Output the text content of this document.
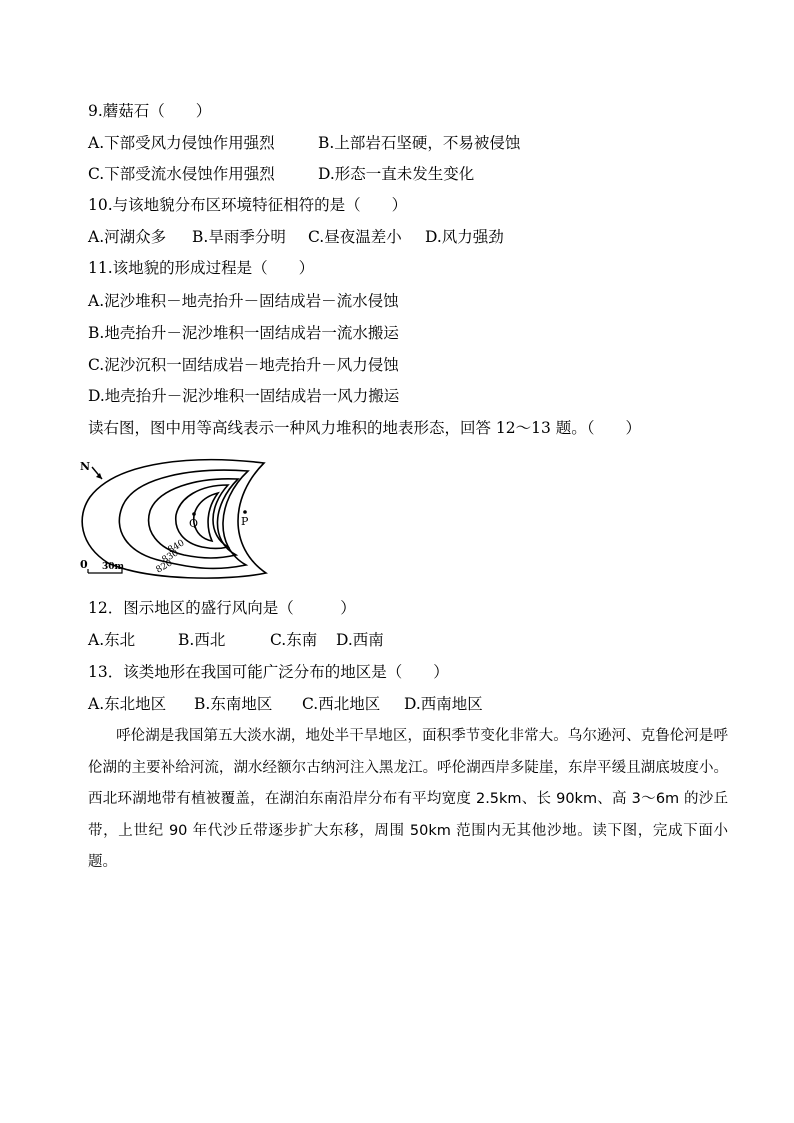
9.蘑菇石（　　）
A.下部受风力侵蚀作用强烈	B.上部岩石坚硬，不易被侵蚀
C.下部受流水侵蚀作用强烈	D.形态一直未发生变化
10.与该地貌分布区环境特征相符的是（　　）
A.河湖众多 B.旱雨季分明 C.昼夜温差小 D.风力强劲
11.该地貌的形成过程是（　　）
A.泥沙堆积－地壳抬升－固结成岩－流水侵蚀
B.地壳抬升－泥沙堆积一固结成岩一流水搬运
C.泥沙沉积一固结成岩－地壳抬升－风力侵蚀
D.地壳抬升－泥沙堆积一固结成岩一风力搬运
读右图，图中用等高线表示一种风力堆积的地表形态，回答 12～13 题。（　　）
N
Q	P
840
830
820
0 30m
12．图示地区的盛行风向是（　　　）
A.东北	B.西北	C.东南 D.西南
13．该类地形在我国可能广泛分布的地区是（　　）
A.东北地区 B.东南地区 C.西北地区 D.西南地区
呼伦湖是我国第五大淡水湖，地处半干旱地区，面积季节变化非常大。乌尔逊河、克鲁伦河是呼伦湖的主要补给河流，湖水经额尔古纳河注入黑龙江。呼伦湖西岸多陡崖，东岸平缓且湖底坡度小。西北环湖地带有植被覆盖，在湖泊东南沿岸分布有平均宽度 2.5km、长 90km、高 3～6m 的沙丘带，上世纪 90 年代沙丘带逐步扩大东移，周围 50km 范围内无其他沙地。读下图，完成下面小题。
